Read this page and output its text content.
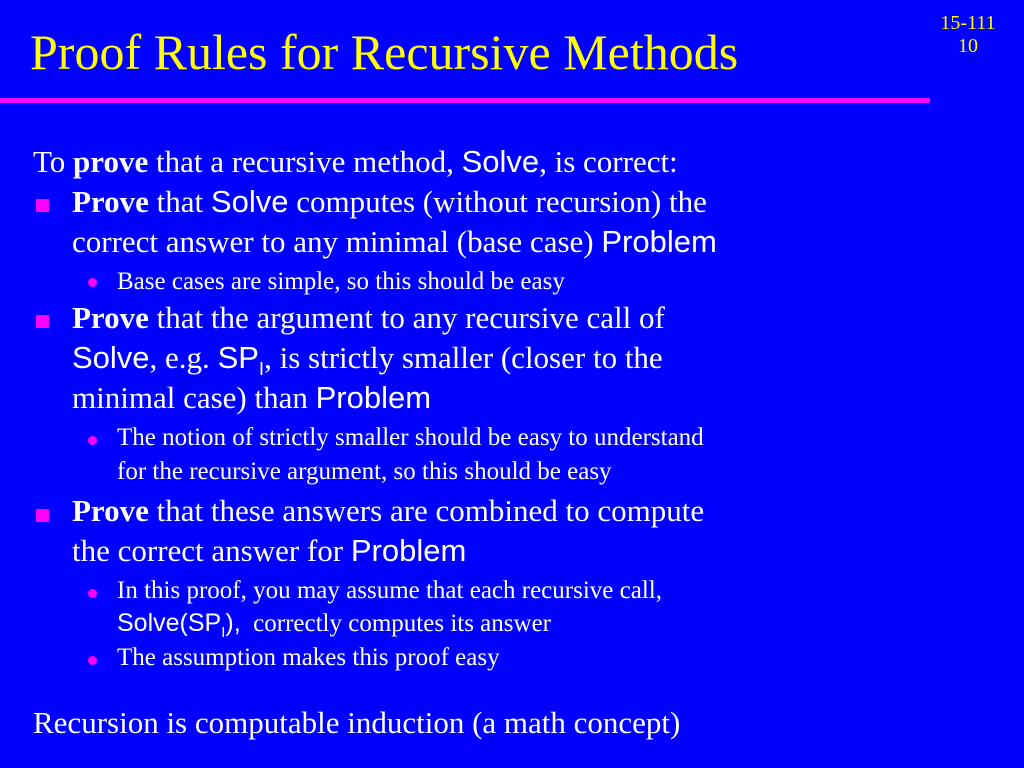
Proof Rules for Recursive Methods
15-111
10
To prove that a recursive method, Solve, is correct:
Prove that Solve computes (without recursion) the
correct answer to any minimal (base case) Problem
Base cases are simple, so this should be easy
Prove that the argument to any recursive call of
Solve, e.g. $SP_I$, is strictly smaller (closer to the
minimal case) than Problem
The notion of strictly smaller should be easy to understand
for the recursive argument, so this should be easy
Prove that these answers are combined to compute
the correct answer for Problem
In this proof, you may assume that each recursive call,
$Solve(SP_I)$,  correctly computes its answer
The assumption makes this proof easy
Recursion is computable induction (a math concept)
